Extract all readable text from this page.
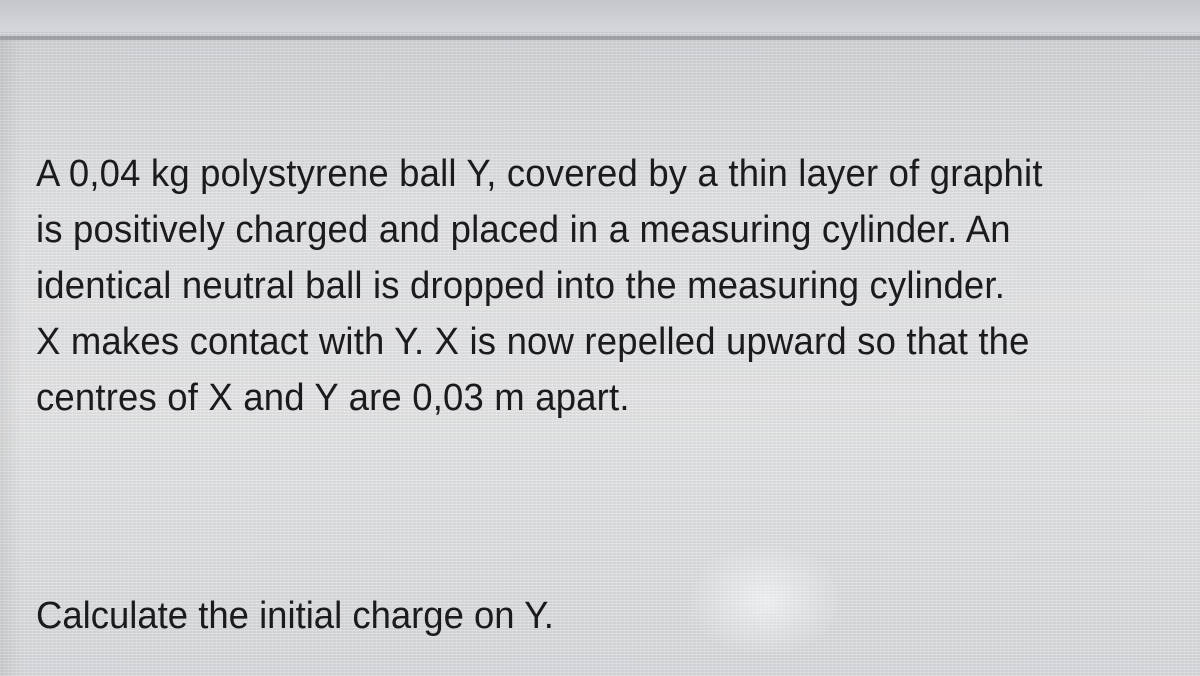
A 0,04 kg polystyrene ball Y, covered by a thin layer of graphit
is positively charged and placed in a measuring cylinder. An
identical neutral ball is dropped into the measuring cylinder.
X makes contact with Y. X is now repelled upward so that the
centres of X and Y are 0,03 m apart.

Calculate the initial charge on Y.
